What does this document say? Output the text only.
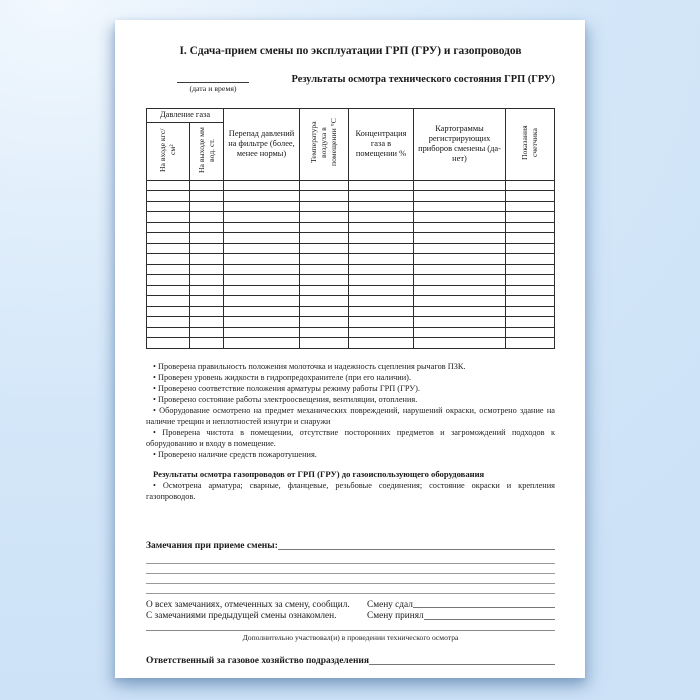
I. Сдача-прием смены по эксплуатации ГРП (ГРУ) и газопроводов
(дата и время)
Результаты осмотра технического состояния ГРП (ГРУ)
Давление газа		Перепад давлений на фильтре (более, менее нормы)	Температура воздуха в помещении °С	Концентрация газа в помещении %	Картограммы регистрирующих приборов сменены (да-нет)	Показания счетчика
На входе кгс/см²	На выходе мм вод. ст.					

• Проверена правильность положения молоточка и надежность сцепления рычагов ПЗК.
• Проверен уровень жидкости в гидропредохранителе (при его наличии).
• Проверено соответствие положения арматуры режиму работы ГРП (ГРУ).
• Проверено состояние работы электроосвещения, вентиляции, отопления.
• Оборудование осмотрено на предмет механических повреждений, нарушений окраски, осмотрено здание на наличие трещин и неплотностей изнутри и снаружи
• Проверена чистота в помещении, отсутствие посторонних предметов и загромождений подходов к оборудованию и входу в помещение.
• Проверено наличие средств пожаротушения.
Результаты осмотра газопроводов от ГРП (ГРУ) до газоиспользующего оборудования
• Осмотрена арматура; сварные, фланцевые, резьбовые соединения; состояние окраски и крепления газопроводов.
Замечания при приеме смены:
О всех замечаниях, отмеченных за смену, сообщил.	Смену сдал
С замечаниями предыдущей смены ознакомлен.	Смену принял
Дополнительно участвовал(и) в проведении технического осмотра
Ответственный за газовое хозяйство подразделения
